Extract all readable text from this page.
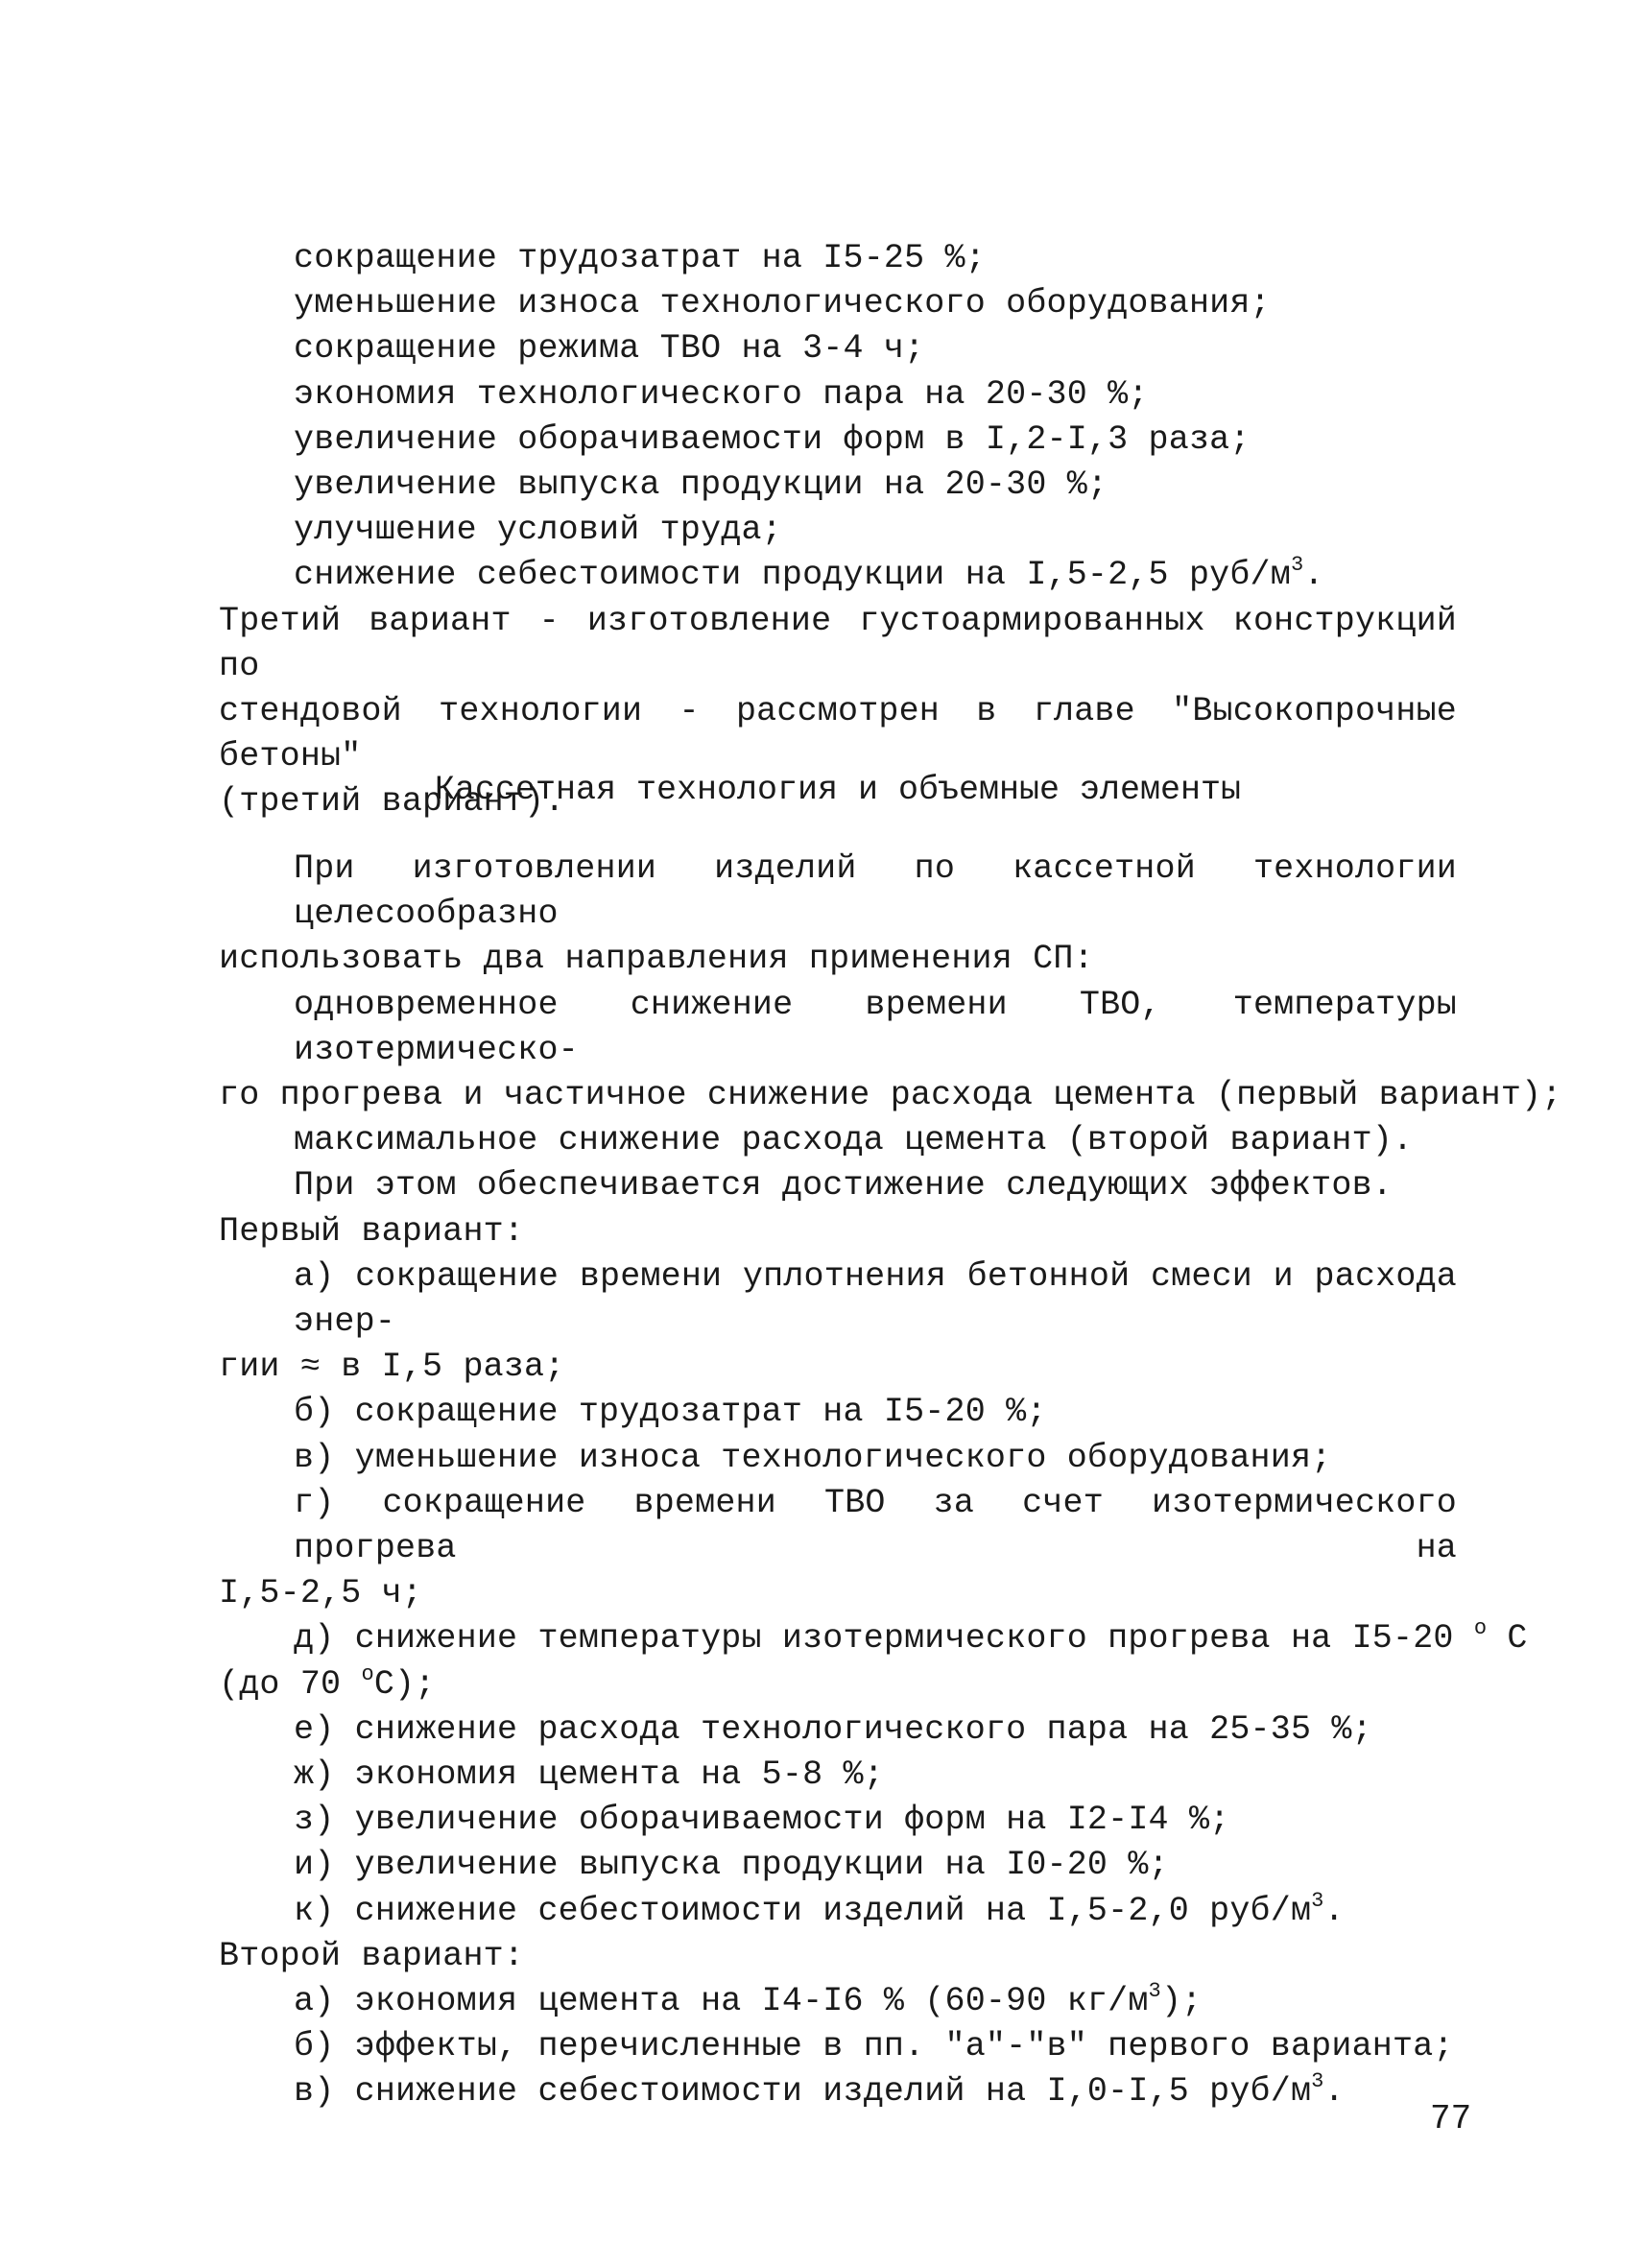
сокращение трудозатрат на I5-25 %;
уменьшение износа технологического оборудования;
сокращение режима ТВО на 3-4 ч;
экономия технологического пара на 20-30 %;
увеличение оборачиваемости форм в I,2-I,3 раза;
увеличение выпуска продукции на 20-30 %;
улучшение условий труда;
снижение себестоимости продукции на I,5-2,5 руб/$м^3$.
Третий вариант - изготовление густоармированных конструкций по
стендовой технологии - рассмотрен в главе "Высокопрочные бетоны"
(третий вариант).
Кассетная технология и объемные элементы
При изготовлении изделий по кассетной технологии целесообразно
использовать два направления применения СП:
одновременное снижение времени ТВО, температуры изотермическо-
го прогрева и частичное снижение расхода цемента (первый вариант);
максимальное снижение расхода цемента (второй вариант).
При этом обеспечивается достижение следующих эффектов.
Первый вариант:
а) сокращение времени уплотнения бетонной смеси и расхода энер-
гии ≈ в I,5 раза;
б) сокращение трудозатрат на I5-20 %;
в) уменьшение износа технологического оборудования;
г) сокращение времени ТВО за счет изотермического прогрева на
I,5-2,5 ч;
д) снижение температуры изотермического прогрева на I5-20 $^о$ С
(до 70 $^о$С);
е) снижение расхода технологического пара на 25-35 %;
ж) экономия цемента на 5-8 %;
з) увеличение оборачиваемости форм на I2-I4 %;
и) увеличение выпуска продукции на I0-20 %;
к) снижение себестоимости изделий на I,5-2,0 руб/$м^3$.
Второй вариант:
а) экономия цемента на I4-I6 % (60-90 $кг/м^3$);
б) эффекты, перечисленные в пп. "а"-"в" первого варианта;
в) снижение себестоимости изделий на I,0-I,5 руб/$м^3$.
77
